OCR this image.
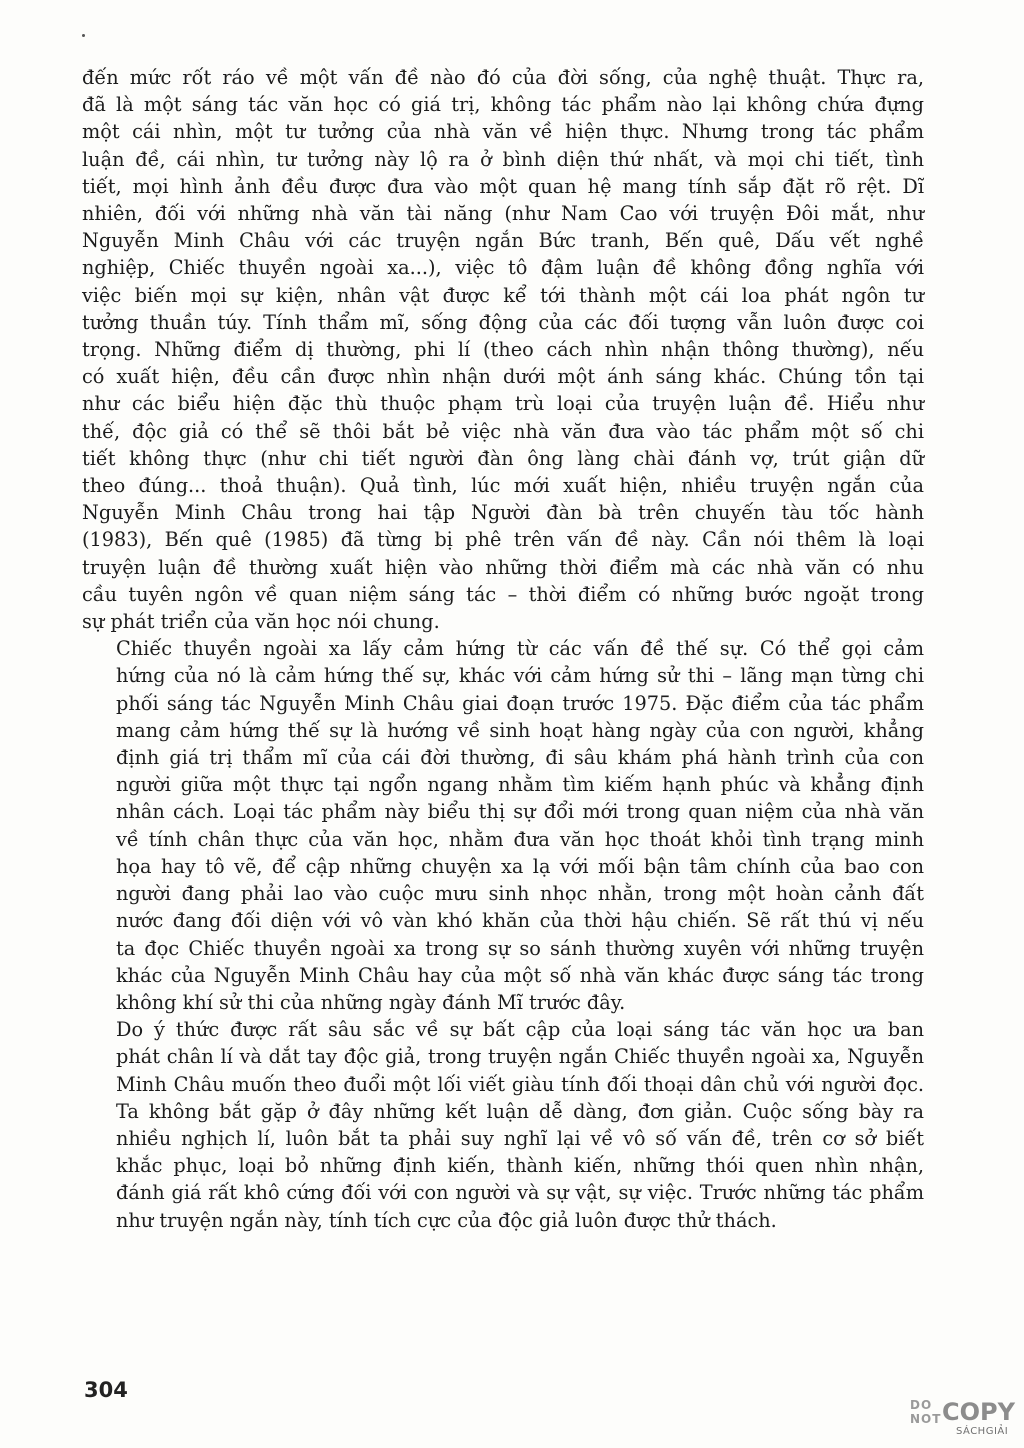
đến mức rốt ráo về một vấn đề nào đó của đời sống, của nghệ thuật. Thực ra,
đã là một sáng tác văn học có giá trị, không tác phẩm nào lại không chứa đựng
một cái nhìn, một tư tưởng của nhà văn về hiện thực. Nhưng trong tác phẩm
luận đề, cái nhìn, tư tưởng này lộ ra ở bình diện thứ nhất, và mọi chi tiết, tình
tiết, mọi hình ảnh đều được đưa vào một quan hệ mang tính sắp đặt rõ rệt. Dĩ
nhiên, đối với những nhà văn tài năng (như Nam Cao với truyện Đôi mắt, như
Nguyễn Minh Châu với các truyện ngắn Bức tranh, Bến quê, Dấu vết nghề
nghiệp, Chiếc thuyền ngoài xa...), việc tô đậm luận đề không đồng nghĩa với
việc biến mọi sự kiện, nhân vật được kể tới thành một cái loa phát ngôn tư
tưởng thuần túy. Tính thẩm mĩ, sống động của các đối tượng vẫn luôn được coi
trọng. Những điểm dị thường, phi lí (theo cách nhìn nhận thông thường), nếu
có xuất hiện, đều cần được nhìn nhận dưới một ánh sáng khác. Chúng tồn tại
như các biểu hiện đặc thù thuộc phạm trù loại của truyện luận đề. Hiểu như
thế, độc giả có thể sẽ thôi bắt bẻ việc nhà văn đưa vào tác phẩm một số chi
tiết không thực (như chi tiết người đàn ông làng chài đánh vợ, trút giận dữ
theo đúng... thoả thuận). Quả tình, lúc mới xuất hiện, nhiều truyện ngắn của
Nguyễn Minh Châu trong hai tập Người đàn bà trên chuyến tàu tốc hành
(1983), Bến quê (1985) đã từng bị phê trên vấn đề này. Cần nói thêm là loại
truyện luận đề thường xuất hiện vào những thời điểm mà các nhà văn có nhu
cầu tuyên ngôn về quan niệm sáng tác – thời điểm có những bước ngoặt trong
sự phát triển của văn học nói chung.

Chiếc thuyền ngoài xa lấy cảm hứng từ các vấn đề thế sự. Có thể gọi cảm
hứng của nó là cảm hứng thế sự, khác với cảm hứng sử thi – lãng mạn từng chi
phối sáng tác Nguyễn Minh Châu giai đoạn trước 1975. Đặc điểm của tác phẩm
mang cảm hứng thế sự là hướng về sinh hoạt hàng ngày của con người, khẳng
định giá trị thẩm mĩ của cái đời thường, đi sâu khám phá hành trình của con
người giữa một thực tại ngổn ngang nhằm tìm kiếm hạnh phúc và khẳng định
nhân cách. Loại tác phẩm này biểu thị sự đổi mới trong quan niệm của nhà văn
về tính chân thực của văn học, nhằm đưa văn học thoát khỏi tình trạng minh
họa hay tô vẽ, để cập những chuyện xa lạ với mối bận tâm chính của bao con
người đang phải lao vào cuộc mưu sinh nhọc nhằn, trong một hoàn cảnh đất
nước đang đối diện với vô vàn khó khăn của thời hậu chiến. Sẽ rất thú vị nếu
ta đọc Chiếc thuyền ngoài xa trong sự so sánh thường xuyên với những truyện
khác của Nguyễn Minh Châu hay của một số nhà văn khác được sáng tác trong
không khí sử thi của những ngày đánh Mĩ trước đây.

Do ý thức được rất sâu sắc về sự bất cập của loại sáng tác văn học ưa ban
phát chân lí và dắt tay độc giả, trong truyện ngắn Chiếc thuyền ngoài xa, Nguyễn
Minh Châu muốn theo đuổi một lối viết giàu tính đối thoại dân chủ với người đọc.
Ta không bắt gặp ở đây những kết luận dễ dàng, đơn giản. Cuộc sống bày ra
nhiều nghịch lí, luôn bắt ta phải suy nghĩ lại về vô số vấn đề, trên cơ sở biết
khắc phục, loại bỏ những định kiến, thành kiến, những thói quen nhìn nhận,
đánh giá rất khô cứng đối với con người và sự vật, sự việc. Trước những tác phẩm
như truyện ngắn này, tính tích cực của độc giả luôn được thử thách.

304
DO
NOT COPY
SÁCHGIẢI
